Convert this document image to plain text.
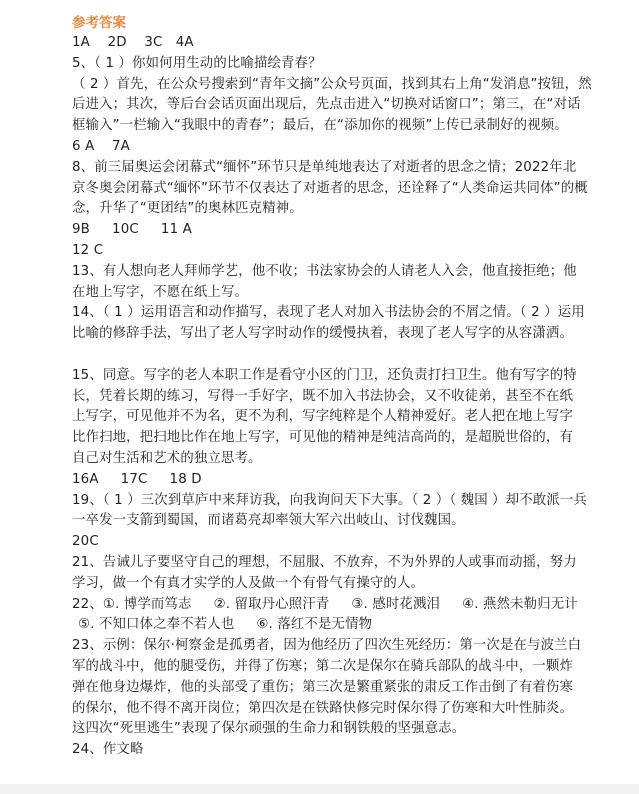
参考答案
1A    2D    3C   4A
5、（ 1 ）你如何用生动的比喻描绘青春？
（ 2 ）首先，在公众号搜索到“青年文摘”公众号页面，找到其右上角“发消息”按钮，然
后进入；其次，等后台会话页面出现后，先点击进入“切换对话窗口”；第三，在“对话
框输入”一栏输入“我眼中的青春”；最后，在“添加你的视频”上传已录制好的视频。
6 A    7A
8、前三届奥运会闭幕式“缅怀”环节只是单纯地表达了对逝者的思念之情；2022年北
京冬奥会闭幕式“缅怀”环节不仅表达了对逝者的思念，还诠释了“人类命运共同体”的概
念，升华了“更团结”的奥林匹克精神。
9B     10C     11 A
12 C
13、有人想向老人拜师学艺，他不收；书法家协会的人请老人入会，他直接拒绝；他
在地上写字，不愿在纸上写。
14、（ 1 ）运用语言和动作描写，表现了老人对加入书法协会的不屑之情。（ 2 ）运用
比喻的修辞手法，写出了老人写字时动作的缓慢执着，表现了老人写字的从容潇洒。
15、同意。写字的老人本职工作是看守小区的门卫，还负责打扫卫生。他有写字的特
长，凭着长期的练习，写得一手好字，既不加入书法协会，又不收徒弟，甚至不在纸
上写字，可见他并不为名，更不为利，写字纯粹是个人精神爱好。老人把在地上写字
比作扫地，把扫地比作在地上写字，可见他的精神是纯洁高尚的，是超脱世俗的，有
自己对生活和艺术的独立思考。
16A     17C     18 D
19、（ 1 ）三次到草庐中来拜访我，向我询问天下大事。（ 2 ）（ 魏国 ）却不敢派一兵
一卒发一支箭到蜀国，而诸葛亮却率领大军六出岐山、讨伐魏国。
20C
21、告诫儿子要坚守自己的理想，不屈服、不放弃，不为外界的人或事而动摇，努力
学习，做一个有真才实学的人及做一个有骨气有操守的人。
22、①. 博学而笃志     ②. 留取丹心照汗青     ③. 感时花溅泪     ④. 燕然未勒归无计
⑤. 不知口体之奉不若人也     ⑥. 落红不是无情物
23、示例：保尔·柯察金是孤勇者，因为他经历了四次生死经历：第一次是在与波兰白
军的战斗中，他的腿受伤，并得了伤寒；第二次是保尔在骑兵部队的战斗中，一颗炸
弹在他身边爆炸，他的头部受了重伤；第三次是繁重紧张的肃反工作击倒了有着伤寒
的保尔，他不得不离开岗位；第四次是在铁路快修完时保尔得了伤寒和大叶性肺炎。
这四次“死里逃生”表现了保尔顽强的生命力和钢铁般的坚强意志。
24、作文略
